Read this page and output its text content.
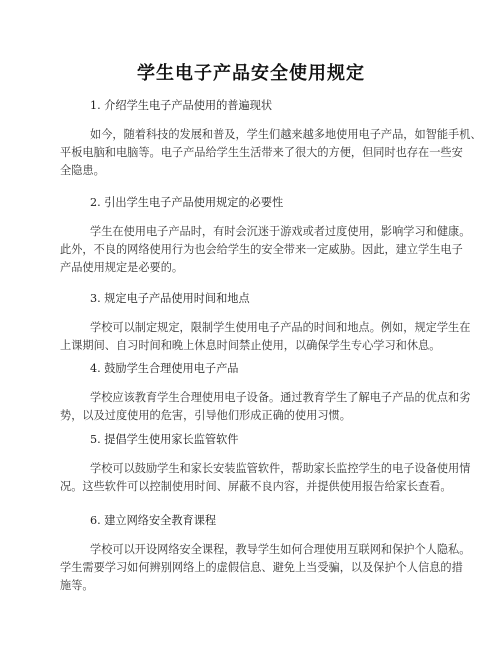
学生电子产品安全使用规定
1. 介绍学生电子产品使用的普遍现状
如今，随着科技的发展和普及，学生们越来越多地使用电子产品，如智能手机、
平板电脑和电脑等。电子产品给学生生活带来了很大的方便，但同时也存在一些安
全隐患。
2. 引出学生电子产品使用规定的必要性
学生在使用电子产品时，有时会沉迷于游戏或者过度使用，影响学习和健康。
此外，不良的网络使用行为也会给学生的安全带来一定威胁。因此，建立学生电子
产品使用规定是必要的。
3. 规定电子产品使用时间和地点
学校可以制定规定，限制学生使用电子产品的时间和地点。例如，规定学生在
上课期间、自习时间和晚上休息时间禁止使用，以确保学生专心学习和休息。
4. 鼓励学生合理使用电子产品
学校应该教育学生合理使用电子设备。通过教育学生了解电子产品的优点和劣
势，以及过度使用的危害，引导他们形成正确的使用习惯。
5. 提倡学生使用家长监管软件
学校可以鼓励学生和家长安装监管软件，帮助家长监控学生的电子设备使用情
况。这些软件可以控制使用时间、屏蔽不良内容，并提供使用报告给家长查看。
6. 建立网络安全教育课程
学校可以开设网络安全课程，教导学生如何合理使用互联网和保护个人隐私。
学生需要学习如何辨别网络上的虚假信息、避免上当受骗，以及保护个人信息的措
施等。
